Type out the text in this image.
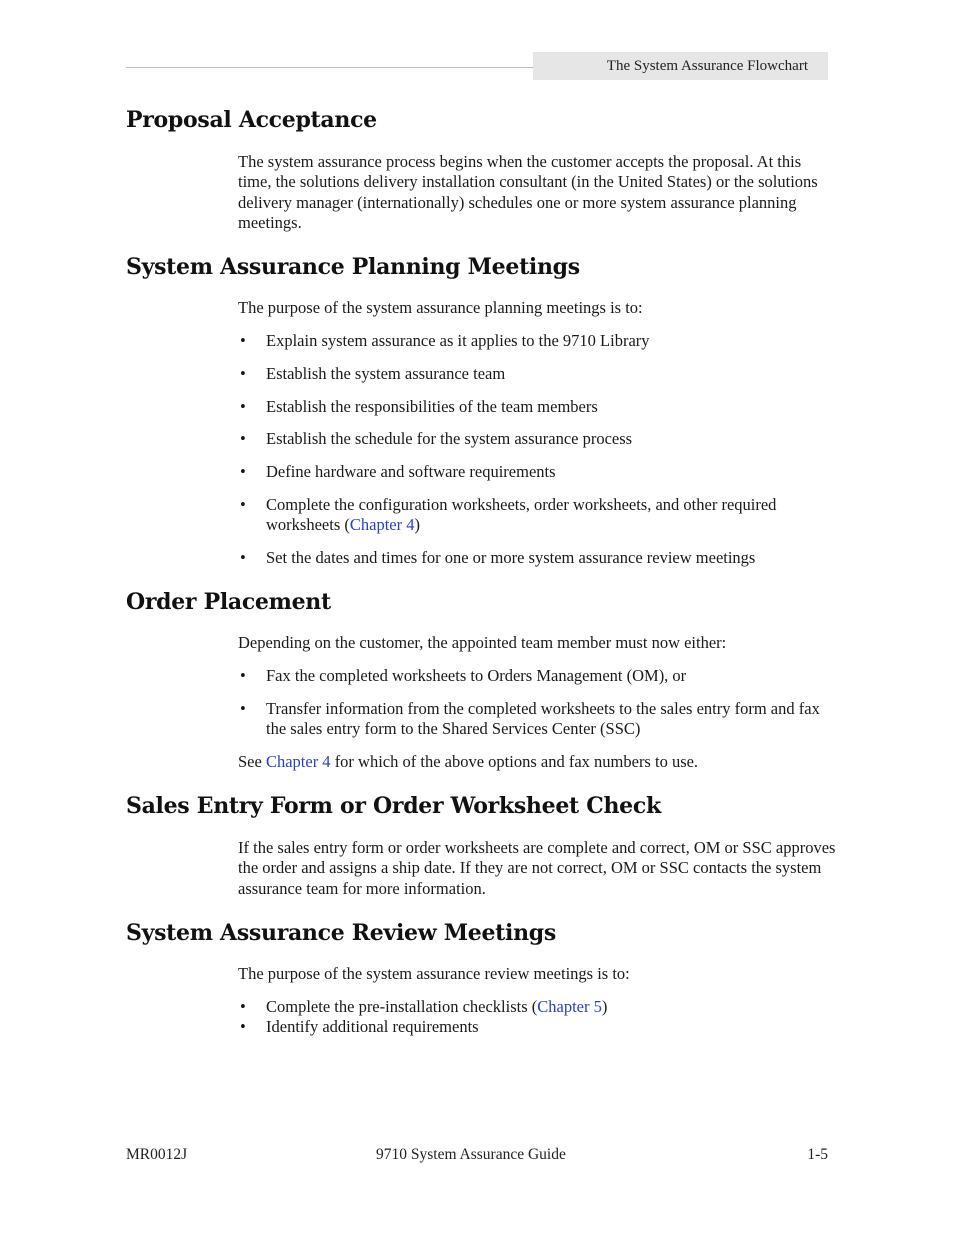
The System Assurance Flowchart
Proposal Acceptance

The system assurance process begins when the customer accepts the proposal. At this time, the solutions delivery installation consultant (in the United States) or the solutions delivery manager (internationally) schedules one or more system assurance planning meetings.

System Assurance Planning Meetings

The purpose of the system assurance planning meetings is to:

• Explain system assurance as it applies to the 9710 Library
• Establish the system assurance team
• Establish the responsibilities of the team members
• Establish the schedule for the system assurance process
• Define hardware and software requirements
• Complete the configuration worksheets, order worksheets, and other required worksheets (Chapter 4)
• Set the dates and times for one or more system assurance review meetings
Order Placement

Depending on the customer, the appointed team member must now either:

• Fax the completed worksheets to Orders Management (OM), or
• Transfer information from the completed worksheets to the sales entry form and fax the sales entry form to the Shared Services Center (SSC)

See Chapter 4 for which of the above options and fax numbers to use.

Sales Entry Form or Order Worksheet Check

If the sales entry form or order worksheets are complete and correct, OM or SSC approves the order and assigns a ship date. If they are not correct, OM or SSC contacts the system assurance team for more information.

System Assurance Review Meetings

The purpose of the system assurance review meetings is to:

• Complete the pre-installation checklists (Chapter 5)
• Identify additional requirements
MR0012J	9710 System Assurance Guide	1-5
